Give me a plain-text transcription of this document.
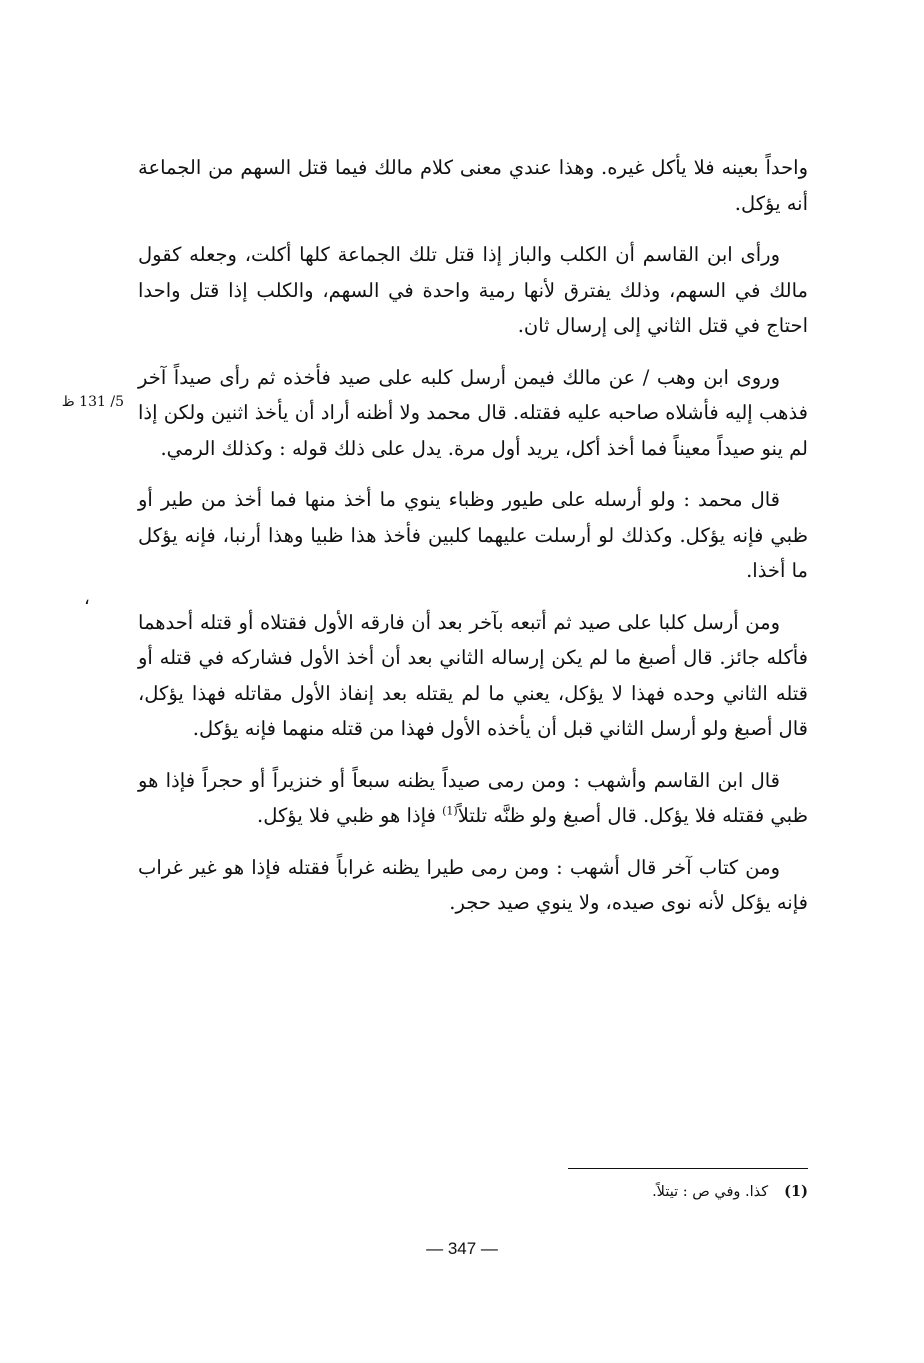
5/ 131 ظ
،

واحداً بعينه فلا يأكل غيره. وهذا عندي معنى كلام مالك فيما قتل السهم من الجماعة أنه يؤكل.

ورأى ابن القاسم أن الكلب والباز إذا قتل تلك الجماعة كلها أكلت، وجعله كقول مالك في السهم، وذلك يفترق لأنها رمية واحدة في السهم، والكلب إذا قتل واحدا احتاج في قتل الثاني إلى إرسال ثان.

وروى ابن وهب / عن مالك فيمن أرسل كلبه على صيد فأخذه ثم رأى صيداً آخر فذهب إليه فأشلاه صاحبه عليه فقتله. قال محمد ولا أظنه أراد أن يأخذ اثنين ولكن إذا لم ينو صيداً معيناً فما أخذ أكل، يريد أول مرة. يدل على ذلك قوله : وكذلك الرمي.

قال محمد : ولو أرسله على طيور وظباء ينوي ما أخذ منها فما أخذ من طير أو ظبي فإنه يؤكل. وكذلك لو أرسلت عليهما كلبين فأخذ هذا ظبيا وهذا أرنبا، فإنه يؤكل ما أخذا.

ومن أرسل كلبا على صيد ثم أتبعه بآخر بعد أن فارقه الأول فقتلاه أو قتله أحدهما فأكله جائز. قال أصبغ ما لم يكن إرساله الثاني بعد أن أخذ الأول فشاركه في قتله أو قتله الثاني وحده فهذا لا يؤكل، يعني ما لم يقتله بعد إنفاذ الأول مقاتله فهذا يؤكل، قال أصبغ ولو أرسل الثاني قبل أن يأخذه الأول فهذا من قتله منهما فإنه يؤكل.

قال ابن القاسم وأشهب : ومن رمى صيداً يظنه سبعاً أو خنزيراً أو حجراً فإذا هو ظبي فقتله فلا يؤكل. قال أصبغ ولو ظنَّه تلتلاً$^{(1)}$ فإذا هو ظبي فلا يؤكل.

ومن كتاب آخر قال أشهب : ومن رمى طيرا يظنه غراباً فقتله فإذا هو غير غراب فإنه يؤكل لأنه نوى صيده، ولا ينوي صيد حجر.

(1)كذا. وفي ص : تيتلاً.
— 347 —
